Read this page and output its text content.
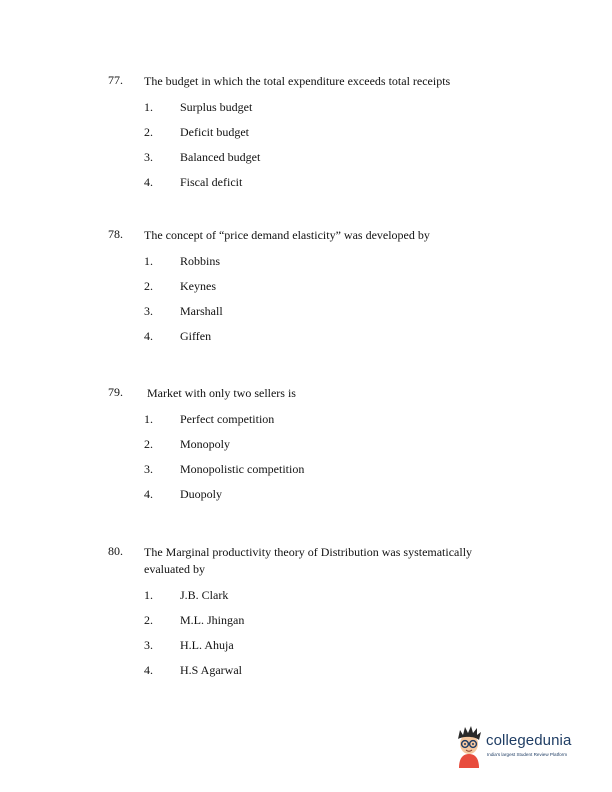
77. The budget in which the total expenditure exceeds total receipts
1. Surplus budget
2. Deficit budget
3. Balanced budget
4. Fiscal deficit
78. The concept of “price demand elasticity” was developed by
1. Robbins
2. Keynes
3. Marshall
4. Giffen
79. Market with only two sellers is
1. Perfect competition
2. Monopoly
3. Monopolistic competition
4. Duopoly
80. The Marginal productivity theory of Distribution was systematically evaluated by
1. J.B. Clark
2. M.L. Jhingan
3. H.L. Ahuja
4. H.S Agarwal
collegedunia 
India's largest Student Review Platform
